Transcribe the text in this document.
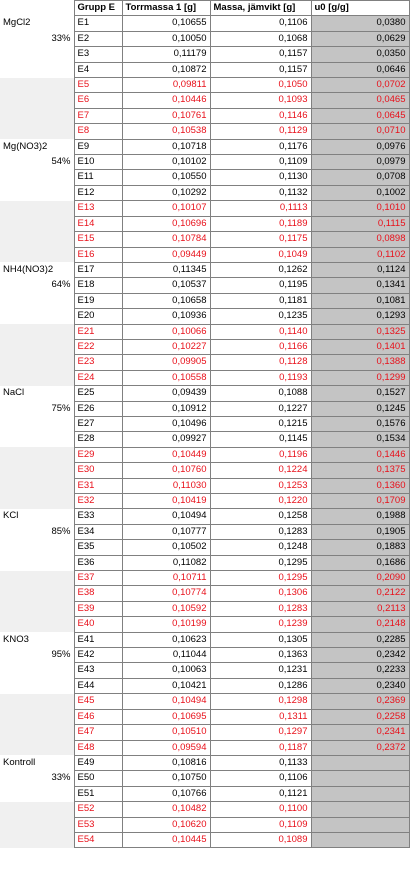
	Grupp E	Torrmassa 1 [g]	Massa, jämvikt [g]	u0 [g/g]
MgCl2	E1	0,10655	0,1106	0,0380
33%	E2	0,10050	0,1068	0,0629
	E3	0,11179	0,1157	0,0350
	E4	0,10872	0,1157	0,0646
	E5	0,09811	0,1050	0,0702
	E6	0,10446	0,1093	0,0465
	E7	0,10761	0,1146	0,0645
	E8	0,10538	0,1129	0,0710
Mg(NO3)2	E9	0,10718	0,1176	0,0976
54%	E10	0,10102	0,1109	0,0979
	E11	0,10550	0,1130	0,0708
	E12	0,10292	0,1132	0,1002
	E13	0,10107	0,1113	0,1010
	E14	0,10696	0,1189	0,1115
	E15	0,10784	0,1175	0,0898
	E16	0,09449	0,1049	0,1102
NH4(NO3)2	E17	0,11345	0,1262	0,1124
64%	E18	0,10537	0,1195	0,1341
	E19	0,10658	0,1181	0,1081
	E20	0,10936	0,1235	0,1293
	E21	0,10066	0,1140	0,1325
	E22	0,10227	0,1166	0,1401
	E23	0,09905	0,1128	0,1388
	E24	0,10558	0,1193	0,1299
NaCl	E25	0,09439	0,1088	0,1527
75%	E26	0,10912	0,1227	0,1245
	E27	0,10496	0,1215	0,1576
	E28	0,09927	0,1145	0,1534
	E29	0,10449	0,1196	0,1446
	E30	0,10760	0,1224	0,1375
	E31	0,11030	0,1253	0,1360
	E32	0,10419	0,1220	0,1709
KCl	E33	0,10494	0,1258	0,1988
85%	E34	0,10777	0,1283	0,1905
	E35	0,10502	0,1248	0,1883
	E36	0,11082	0,1295	0,1686
	E37	0,10711	0,1295	0,2090
	E38	0,10774	0,1306	0,2122
	E39	0,10592	0,1283	0,2113
	E40	0,10199	0,1239	0,2148
KNO3	E41	0,10623	0,1305	0,2285
95%	E42	0,11044	0,1363	0,2342
	E43	0,10063	0,1231	0,2233
	E44	0,10421	0,1286	0,2340
	E45	0,10494	0,1298	0,2369
	E46	0,10695	0,1311	0,2258
	E47	0,10510	0,1297	0,2341
	E48	0,09594	0,1187	0,2372
Kontroll	E49	0,10816	0,1133	
33%	E50	0,10750	0,1106	
	E51	0,10766	0,1121	
	E52	0,10482	0,1100	
	E53	0,10620	0,1109	
	E54	0,10445	0,1089	
